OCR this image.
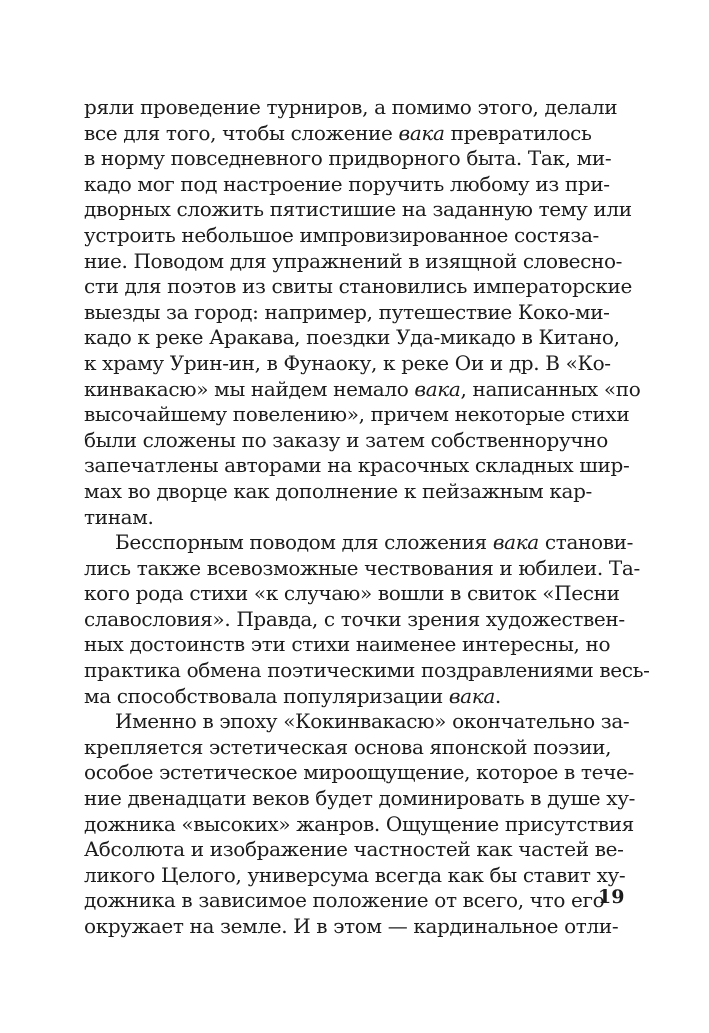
ряли проведение турниров, а помимо этого, делали
все для того, чтобы сложение вака превратилось
в норму повседневного придворного быта. Так, ми-
кадо мог под настроение поручить любому из при-
дворных сложить пятистишие на заданную тему или
устроить небольшое импровизированное состяза-
ние. Поводом для упражнений в изящной словесно-
сти для поэтов из свиты становились императорские
выезды за город: например, путешествие Коко-ми-
кадо к реке Аракава, поездки Уда-микадо в Китано,
к храму Урин-ин, в Фунаоку, к реке Ои и др. В «Ко-
кинвакасю» мы найдем немало вака, написанных «по
высочайшему повелению», причем некоторые стихи
были сложены по заказу и затем собственноручно
запечатлены авторами на красочных складных шир-
мах во дворце как дополнение к пейзажным кар-
тинам.
Бесспорным поводом для сложения вака станови-
лись также всевозможные чествования и юбилеи. Та-
кого рода стихи «к случаю» вошли в свиток «Песни
славословия». Правда, с точки зрения художествен-
ных достоинств эти стихи наименее интересны, но
практика обмена поэтическими поздравлениями весь-
ма способствовала популяризации вака.
Именно в эпоху «Кокинвакасю» окончательно за-
крепляется эстетическая основа японской поэзии,
особое эстетическое мироощущение, которое в тече-
ние двенадцати веков будет доминировать в душе ху-
дожника «высоких» жанров. Ощущение присутствия
Абсолюта и изображение частностей как частей ве-
ликого Целого, универсума всегда как бы ставит ху-
дожника в зависимое положение от всего, что его
окружает на земле. И в этом — кардинальное отли-
19
